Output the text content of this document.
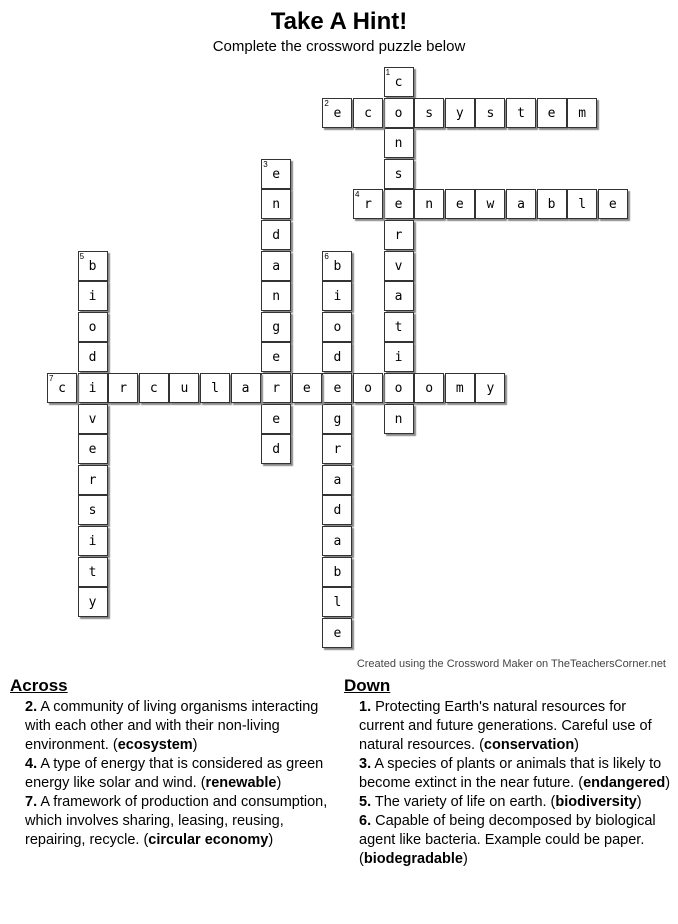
Take A Hint!
Complete the crossword puzzle below
1
c
o
n
s
e
r
v
a
t
i
o
n
2
e	c	s	y	s	t	e	m
3
e
n
d
a
n
g
e
r
e
d
4
r	n	e	w	a	b	l	e
5
b
i
o
d
i
v
e
r
s
i
t
y
6
b
i
o
d
e
g
r
a
d
a
b
l
e
7
c	r	c	u	l	a	e	o	o	m	y
Created using the Crossword Maker on TheTeachersCorner.net
Across	Down

2. A community of living organisms interacting with each other and with their non-living environment. (ecosystem)

4. A type of energy that is considered as green energy like solar and wind. (renewable)

7. A framework of production and consumption, which involves sharing, leasing, reusing, repairing, recycle. (circular economy)

1. Protecting Earth's natural resources for current and future generations. Careful use of natural resources. (conservation)

3. A species of plants or animals that is likely to become extinct in the near future. (endangered)

5. The variety of life on earth. (biodiversity)

6. Capable of being decomposed by biological agent like bacteria. Example could be paper. (biodegradable)
